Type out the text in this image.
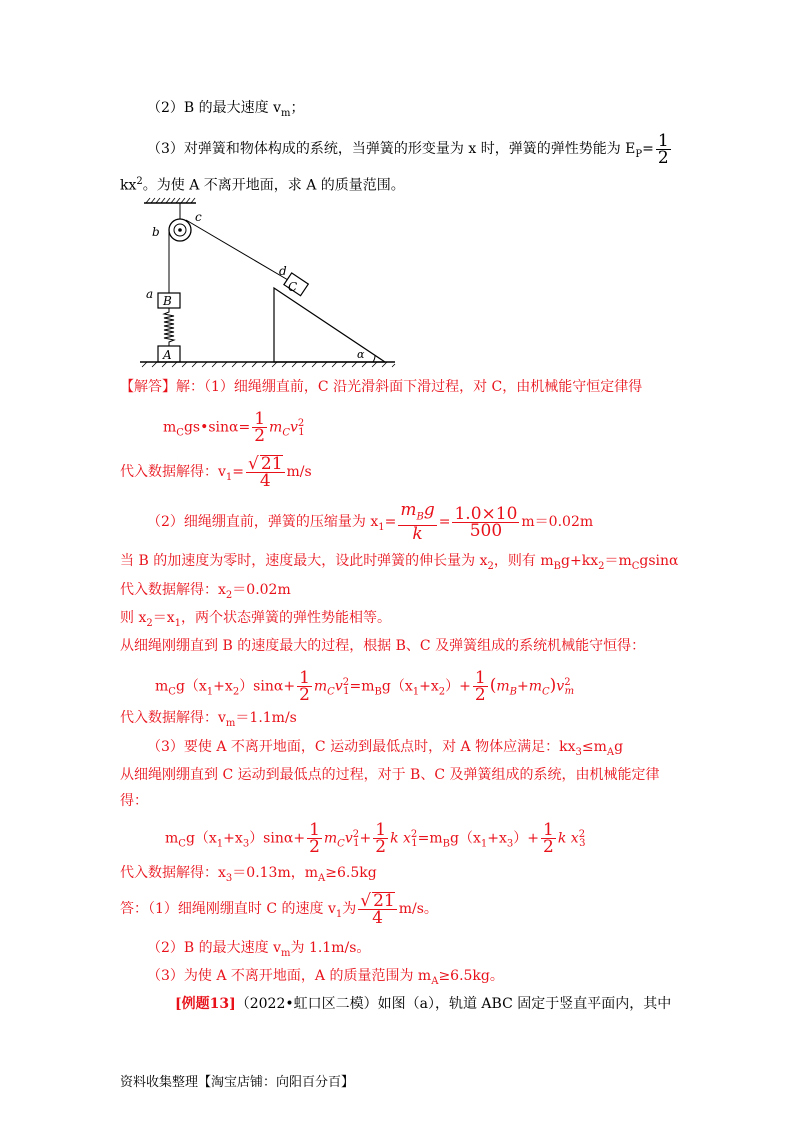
（2）B 的最大速度 $v_m$；
（3）对弹簧和物体构成的系统，当弹簧的形变量为 x 时，弹簧的弹性势能为 $E_P= \frac{1}{2}$
$kx^2$。为使 A 不离开地面，求 A 的质量范围。
B
A
C
α
c
b
a
d
【解答】解：（1）细绳绷直前，C 沿光滑斜面下滑过程，对 C，由机械能守恒定律得
$m_Cgs•\sin\alpha= \frac{1}{2} m_Cv^2_1$
代入数据解得：$v_1= \frac{√ 21}{4} m/s$
（2）细绳绷直前，弹簧的压缩量为 $x_1= \frac{m_Bg}{k} = \frac{1.0\times 10}{500} m=0.02m$
当 B 的加速度为零时，速度最大，设此时弹簧的伸长量为 $x_2$，则有 $m_Bg+kx_2=m_Cgsin\alpha$
代入数据解得：$x_2=0.02m$
则 $x_2=x_1$，两个状态弹簧的弹性势能相等。
从细绳刚绷直到 B 的速度最大的过程，根据 B、C 及弹簧组成的系统机械能守恒得：
$m_Cg(x_1+x_2)\sin\alpha+ \frac{1}{2} m_Cv^2_1=m_Bg(x_1+x_2)+ \frac{1}{2} (m_B+m_C)v^2_m$
代入数据解得：$v_m=1.1m/s$
（3）要使 A 不离开地面，C 运动到最低点时，对 A 物体应满足：$kx_3\le m_Ag$
从细绳刚绷直到 C 运动到最低点的过程，对于 B、C 及弹簧组成的系统，由机械能定律
得：
$m_Cg(x_1+x_3)\sin\alpha+ \frac{1}{2} m_Cv^2_1+ \frac{1}{2}$ k $x^2_1=m_Bg(x_1+x_3)+ \frac{1}{2}$ k $x^2_3$
代入数据解得：$x_3=0.13m$，$m_A\ge 6.5kg$
答：（1）细绳刚绷直时 C 的速度 $v_1$为 $\frac{√ 21}{4} m/s$。
（2）B 的最大速度 $v_m$为 1.1m/s。
（3）为使 A 不离开地面，A 的质量范围为 $m_A\ge 6.5kg$。
[例题13]（2022•虹口区二模）如图（a），轨道 ABC 固定于竖直平面内，其中
资料收集整理【淘宝店铺：向阳百分百】
